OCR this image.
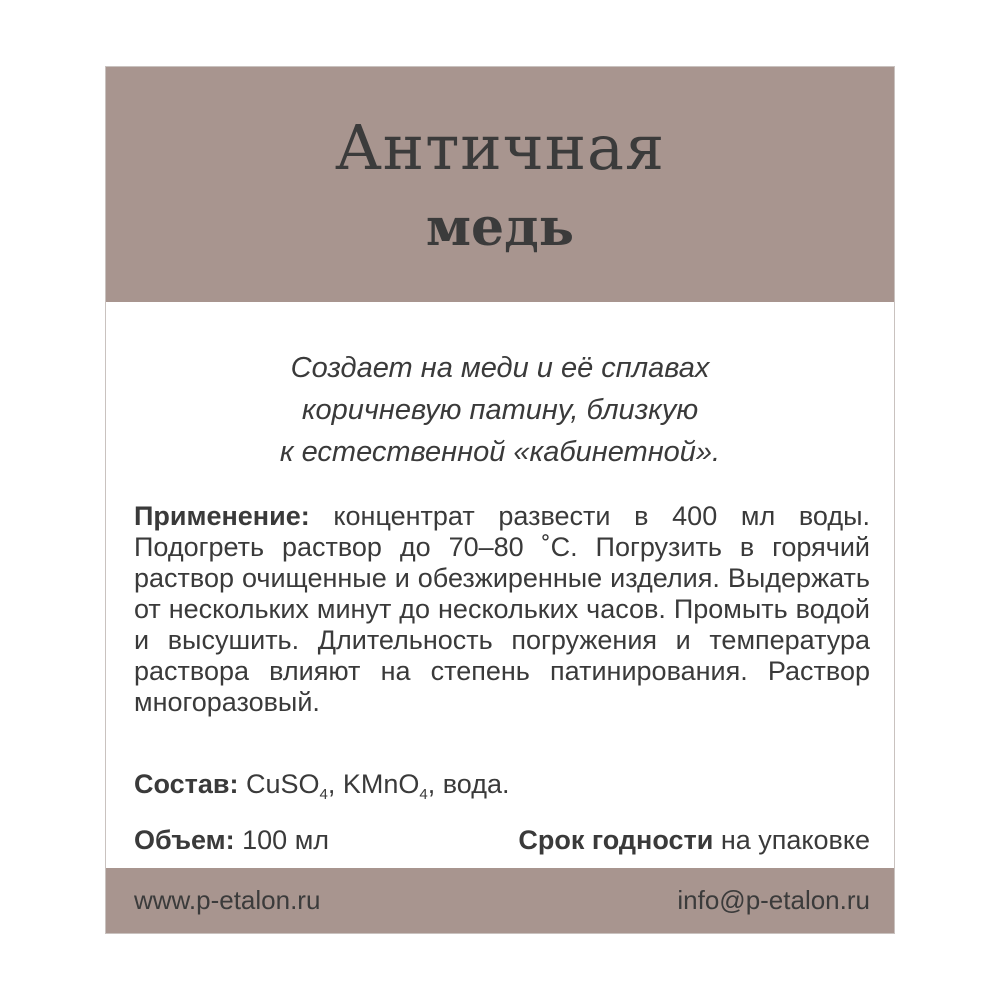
Античная
медь
Создает на меди и её сплавах
коричневую патину, близкую
к естественной «кабинетной».
Применение: концентрат развести в 400 мл воды. Подогреть раствор до 70–80 ˚С. Погрузить в горячий раствор очищенные и обезжиренные изделия. Выдержать от нескольких минут до нескольких часов. Промыть водой и высушить. Длительность погружения и температура раствора влияют на степень патинирования. Раствор многоразовый.
Состав: CuSO$_4$, KMnO$_4$, вода.
Объем: 100 мл	Срок годности на упаковке
www.p-etalon.ru	info@p-etalon.ru
